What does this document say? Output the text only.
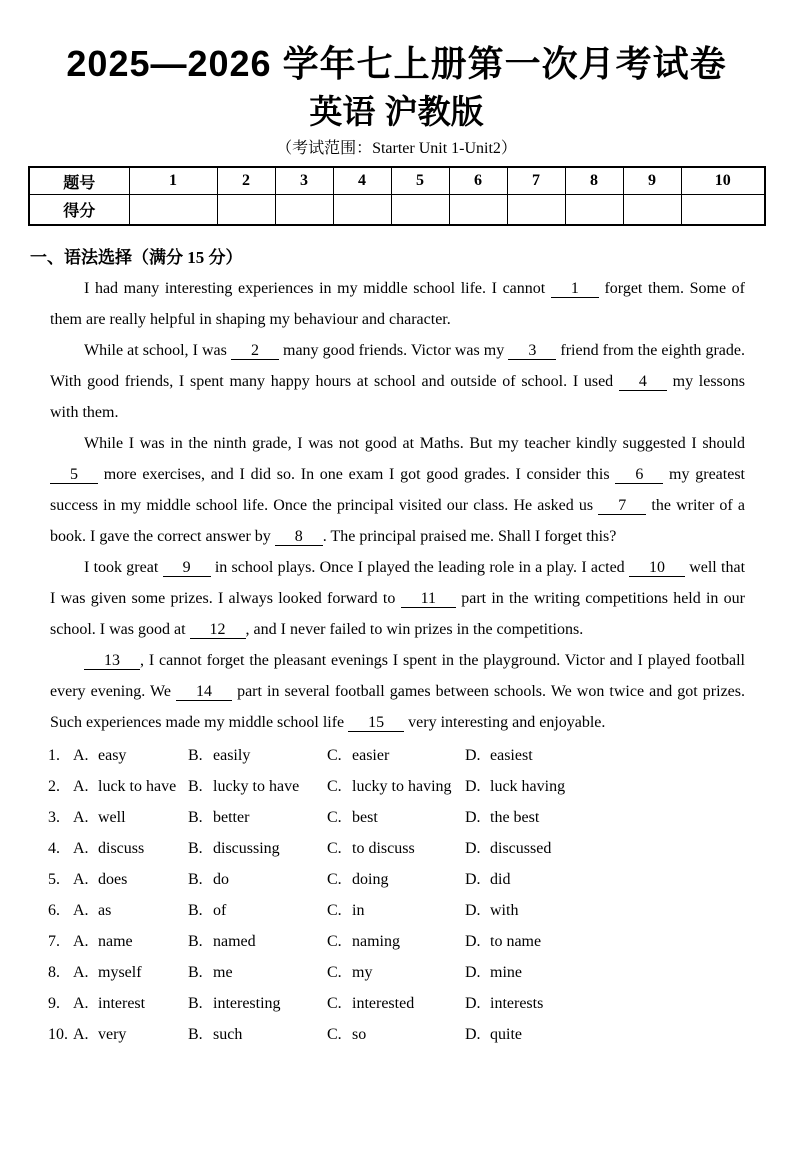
2025—2026 学年七上册第一次月考试卷
英语 沪教版
（考试范围：Starter Unit 1-Unit2）
题号	1	2	3	4	5	6	7	8	9	10
得分										
一、语法选择（满分 15 分）

I had many interesting experiences in my middle school life. I cannot 1 forget them. Some of them are really helpful in shaping my behaviour and character.

While at school, I was 2 many good friends. Victor was my 3 friend from the eighth grade. With good friends, I spent many happy hours at school and outside of school. I used 4 my lessons with them.

While I was in the ninth grade, I was not good at Maths. But my teacher kindly suggested I should 5 more exercises, and I did so. In one exam I got good grades. I consider this 6 my greatest success in my middle school life. Once the principal visited our class. He asked us 7 the writer of a book. I gave the correct answer by 8 . The principal praised me. Shall I forget this?

I took great 9 in school plays. Once I played the leading role in a play. I acted 10 well that I was given some prizes. I always looked forward to 11 part in the writing competitions held in our school. I was good at 12 , and I never failed to win prizes in the competitions.

13 , I cannot forget the pleasant evenings I spent in the playground. Victor and I played football every evening. We 14 part in several football games between schools. We won twice and got prizes. Such experiences made my middle school life 15 very interesting and enjoyable.

1. A. easy	B. easily	C. easier	D. easiest
2. A. luck to have B. lucky to have	C. lucky to having D. luck having
3. A. well	B. better	C. best	D. the best
4. A. discuss	B. discussing	C. to discuss	D. discussed
5. A. does	B. do	C. doing	D. did
6. A. as	B. of	C. in	D. with
7. A. name	B. named	C. naming	D. to name
8. A. myself	B. me	C. my	D. mine
9. A. interest	B. interesting	C. interested	D. interests
10. A. very	B. such	C. so	D. quite
